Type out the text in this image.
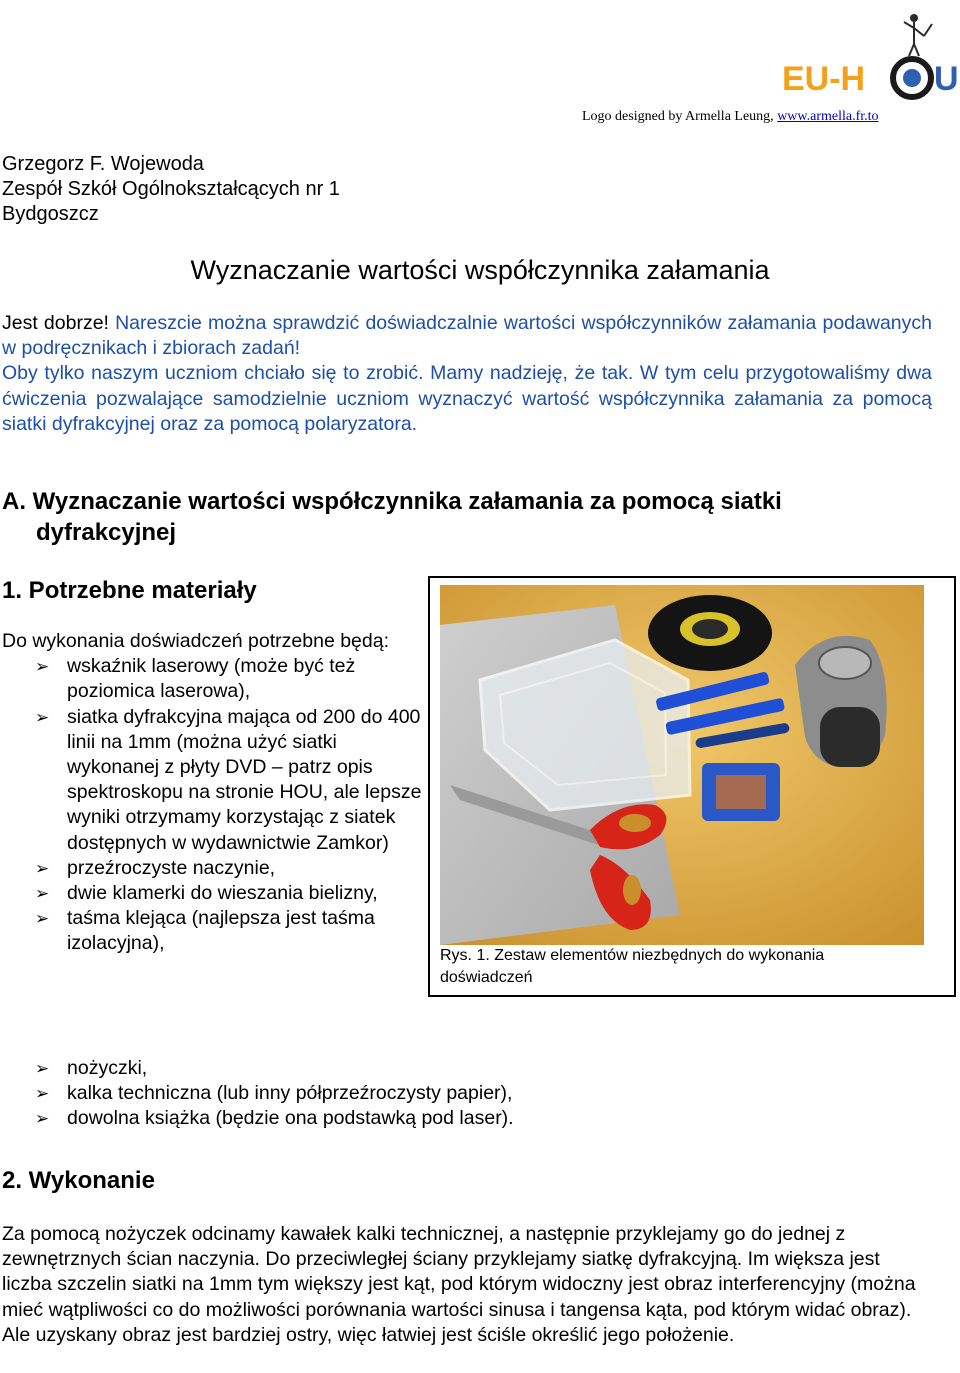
EU-H U
Logo designed by Armella Leung, www.armella.fr.to
Grzegorz F. Wojewoda
Zespół Szkół Ogólnokształcących nr 1
Bydgoszcz
Wyznaczanie wartości współczynnika załamania

Jest dobrze! Nareszcie można sprawdzić doświadczalnie wartości współczynników załamania podawanych w podręcznikach i zbiorach zadań!

Oby tylko naszym uczniom chciało się to zrobić. Mamy nadzieję, że tak. W tym celu przygotowaliśmy dwa ćwiczenia pozwalające samodzielnie uczniom wyznaczyć wartość współczynnika załamania za pomocą siatki dyfrakcyjnej oraz za pomocą polaryzatora.

A. Wyznaczanie wartości współczynnika załamania za pomocą siatki
dyfrakcyjnej
1. Potrzebne materiały

Do wykonania doświadczeń potrzebne będą:

➢ wskaźnik laserowy (może być też poziomica laserowa),
➢ siatka dyfrakcyjna mająca od 200 do 400 linii na 1mm (można użyć siatki wykonanej z płyty DVD – patrz opis spektroskopu na stronie HOU, ale lepsze wyniki otrzymamy korzystając z siatek dostępnych w wydawnictwie Zamkor)
➢ przeźroczyste naczynie,
➢ dwie klamerki do wieszania bielizny,
➢ taśma klejąca (najlepsza jest taśma izolacyjna),
Rys. 1. Zestaw elementów niezbędnych do wykonania doświadczeń
➢ nożyczki,
➢ kalka techniczna (lub inny półprzeźroczysty papier),
➢ dowolna książka (będzie ona podstawką pod laser).
2. Wykonanie

Za pomocą nożyczek odcinamy kawałek kalki technicznej, a następnie przyklejamy go do jednej z zewnętrznych ścian naczynia. Do przeciwległej ściany przyklejamy siatkę dyfrakcyjną. Im większa jest liczba szczelin siatki na 1mm tym większy jest kąt, pod którym widoczny jest obraz interferencyjny (można mieć wątpliwości co do możliwości porównania wartości sinusa i tangensa kąta, pod którym widać obraz). Ale uzyskany obraz jest bardziej ostry, więc łatwiej jest ściśle określić jego położenie.
